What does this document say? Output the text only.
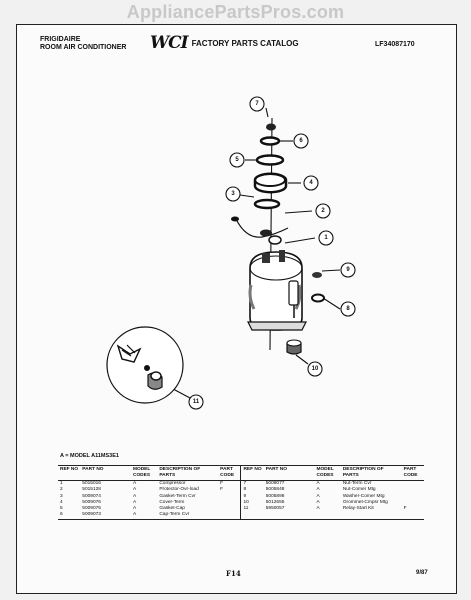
AppliancePartsPros.com
FRIGIDAIRE
ROOM AIR CONDITIONER WCI FACTORY PARTS CATALOG	LF34087170
1
2
3
4
5
6
7
8
9
10
11
A = MODEL A11MS3E1
REF NO	PART NO	MODEL CODES	DESCRIPTION OF PARTS	PART CODE	REF NO	PART NO	MODEL CODES	DESCRIPTION OF PARTS	PART CODE
1	5015016	A	Compressor	F	7	5009077	A	Nut-Term Cvr	
2	5015128	A	Protector-Ovr-load	F	8	5005848	A	Nut-Comer Mtg	
3	5009074	A	Gasket-Term Cvr		9	5005898	A	Washer-Comer Mtg	
4	5009076	A	Cover-Term		10	5012655	A	Grommet-Cmpsr Mtg	
5	5009075	A	Gasket-Cap		11	5950057	A	Relay-Start Kit	F
6	5009073	A	Cap-Term Cvr						
F14	9/87
